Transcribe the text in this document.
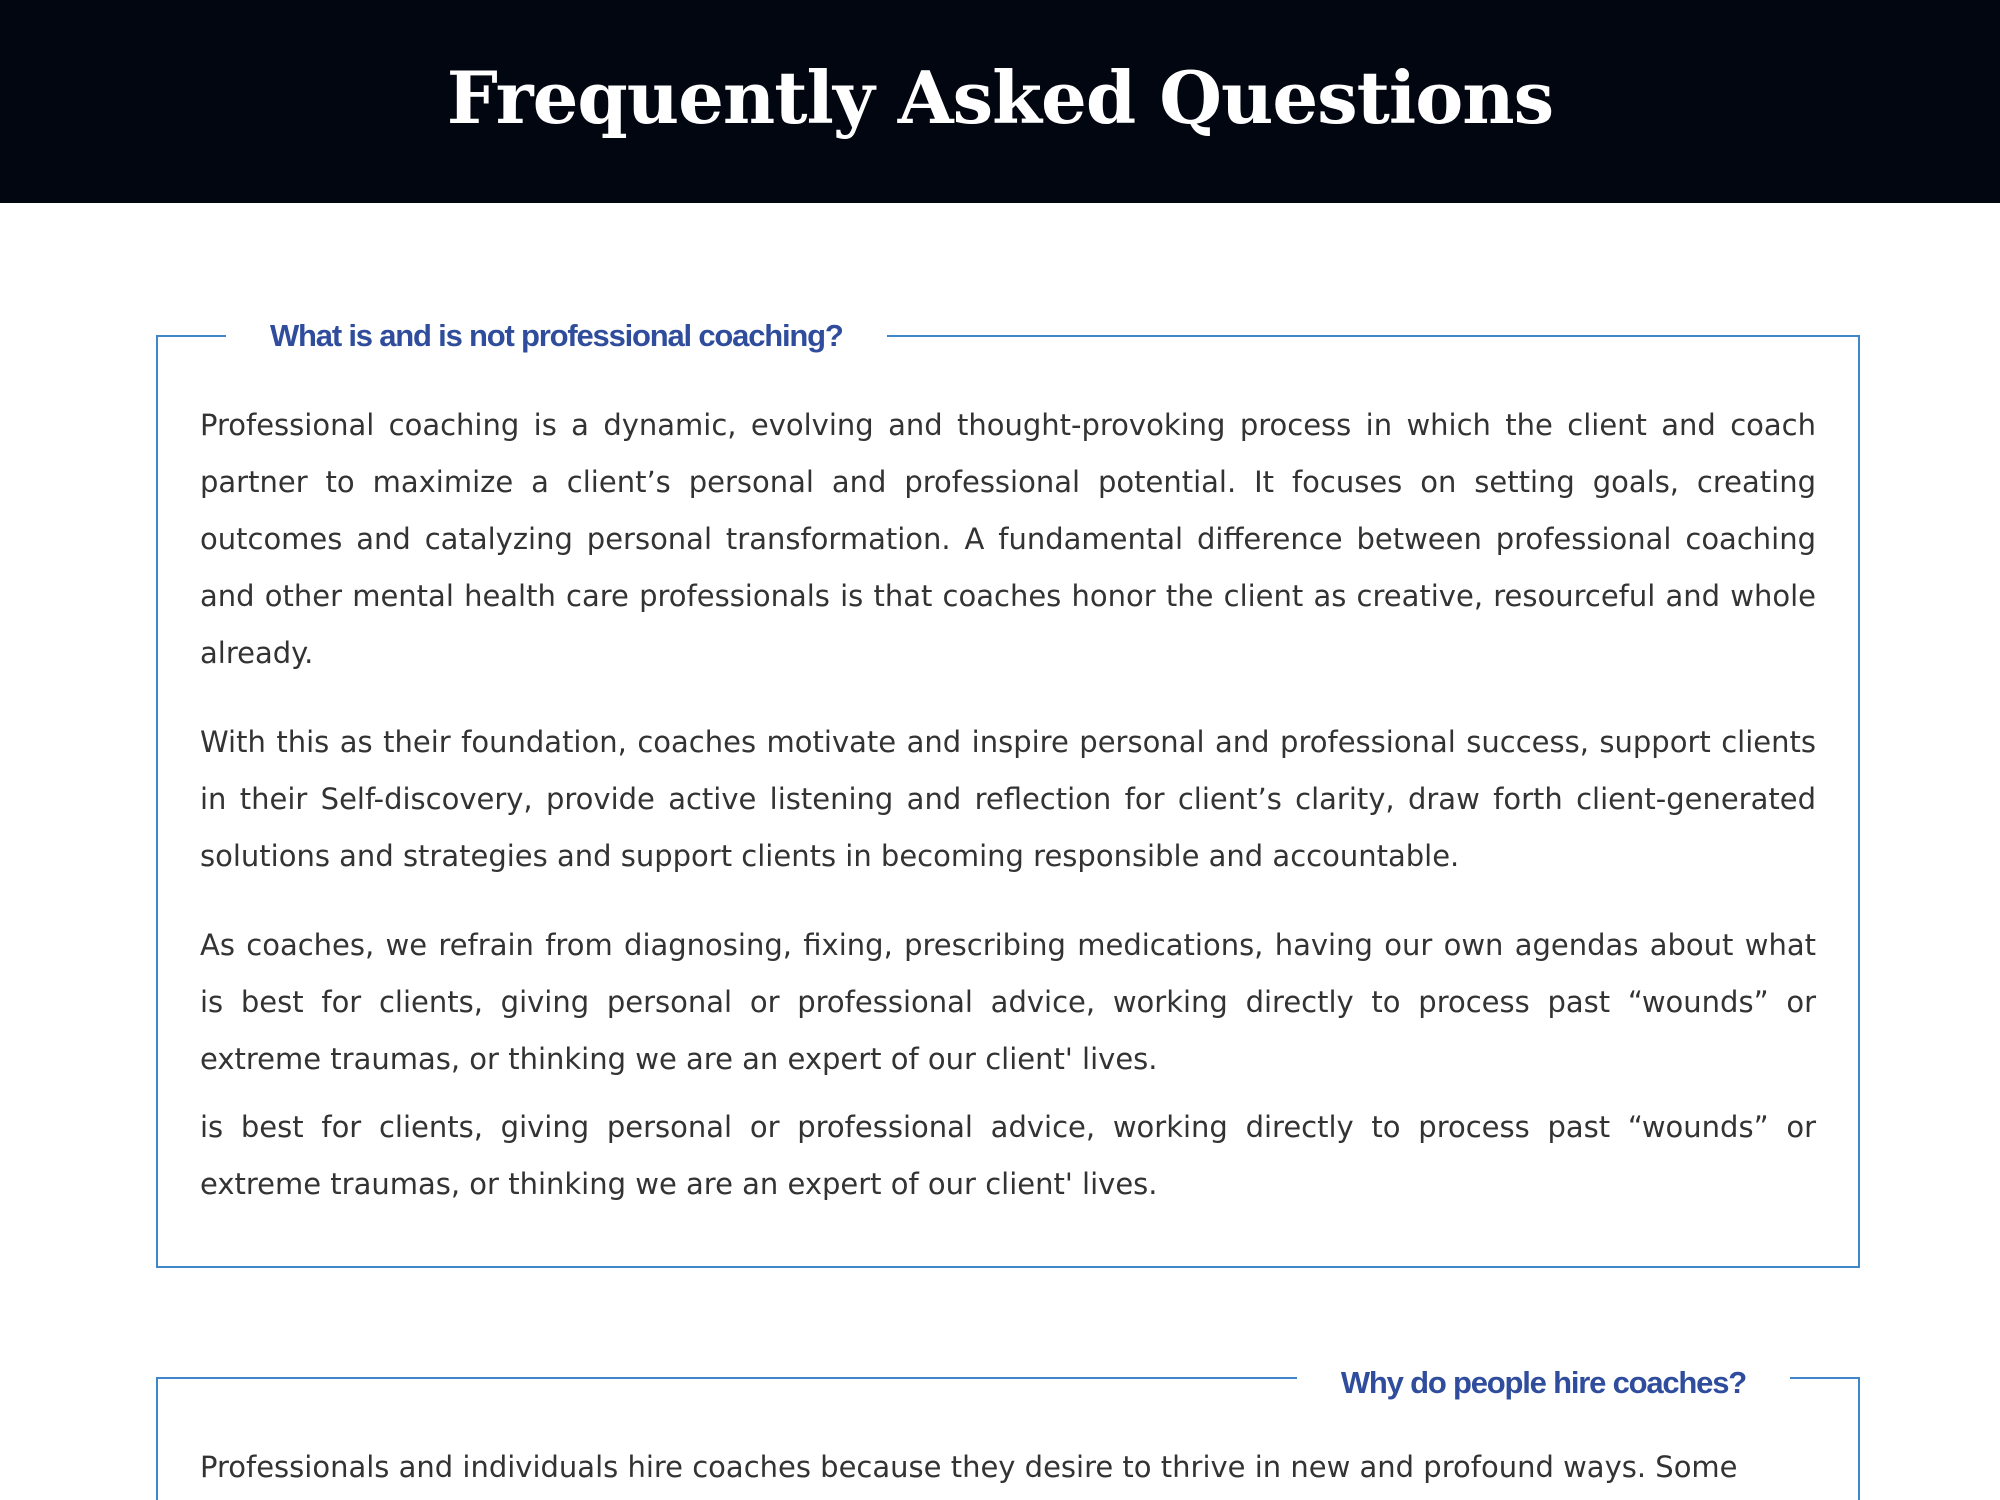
Frequently Asked Questions
What is and is not professional coaching?

Professional coaching is a dynamic, evolving and thought-provoking process in which the client and coach partner to maximize a client’s personal and professional potential. It focuses on setting goals, creating outcomes and catalyzing personal transformation. A fundamental difference between professional coaching and other mental health care professionals is that coaches honor the client as creative, resourceful and whole already.

With this as their foundation, coaches motivate and inspire personal and professional success, support clients in their Self-discovery, provide active listening and reflection for client’s clarity, draw forth client-generated solutions and strategies and support clients in becoming responsible and accountable.

As coaches, we refrain from diagnosing, fixing, prescribing medications, having our own agendas about what is best for clients, giving personal or professional advice, working directly to process past “wounds” or extreme traumas, or thinking we are an expert of our client' lives.

is best for clients, giving personal or professional advice, working directly to process past “wounds” or extreme traumas, or thinking we are an expert of our client' lives.

Why do people hire coaches?

Professionals and individuals hire coaches because they desire to thrive in new and profound ways. Some
